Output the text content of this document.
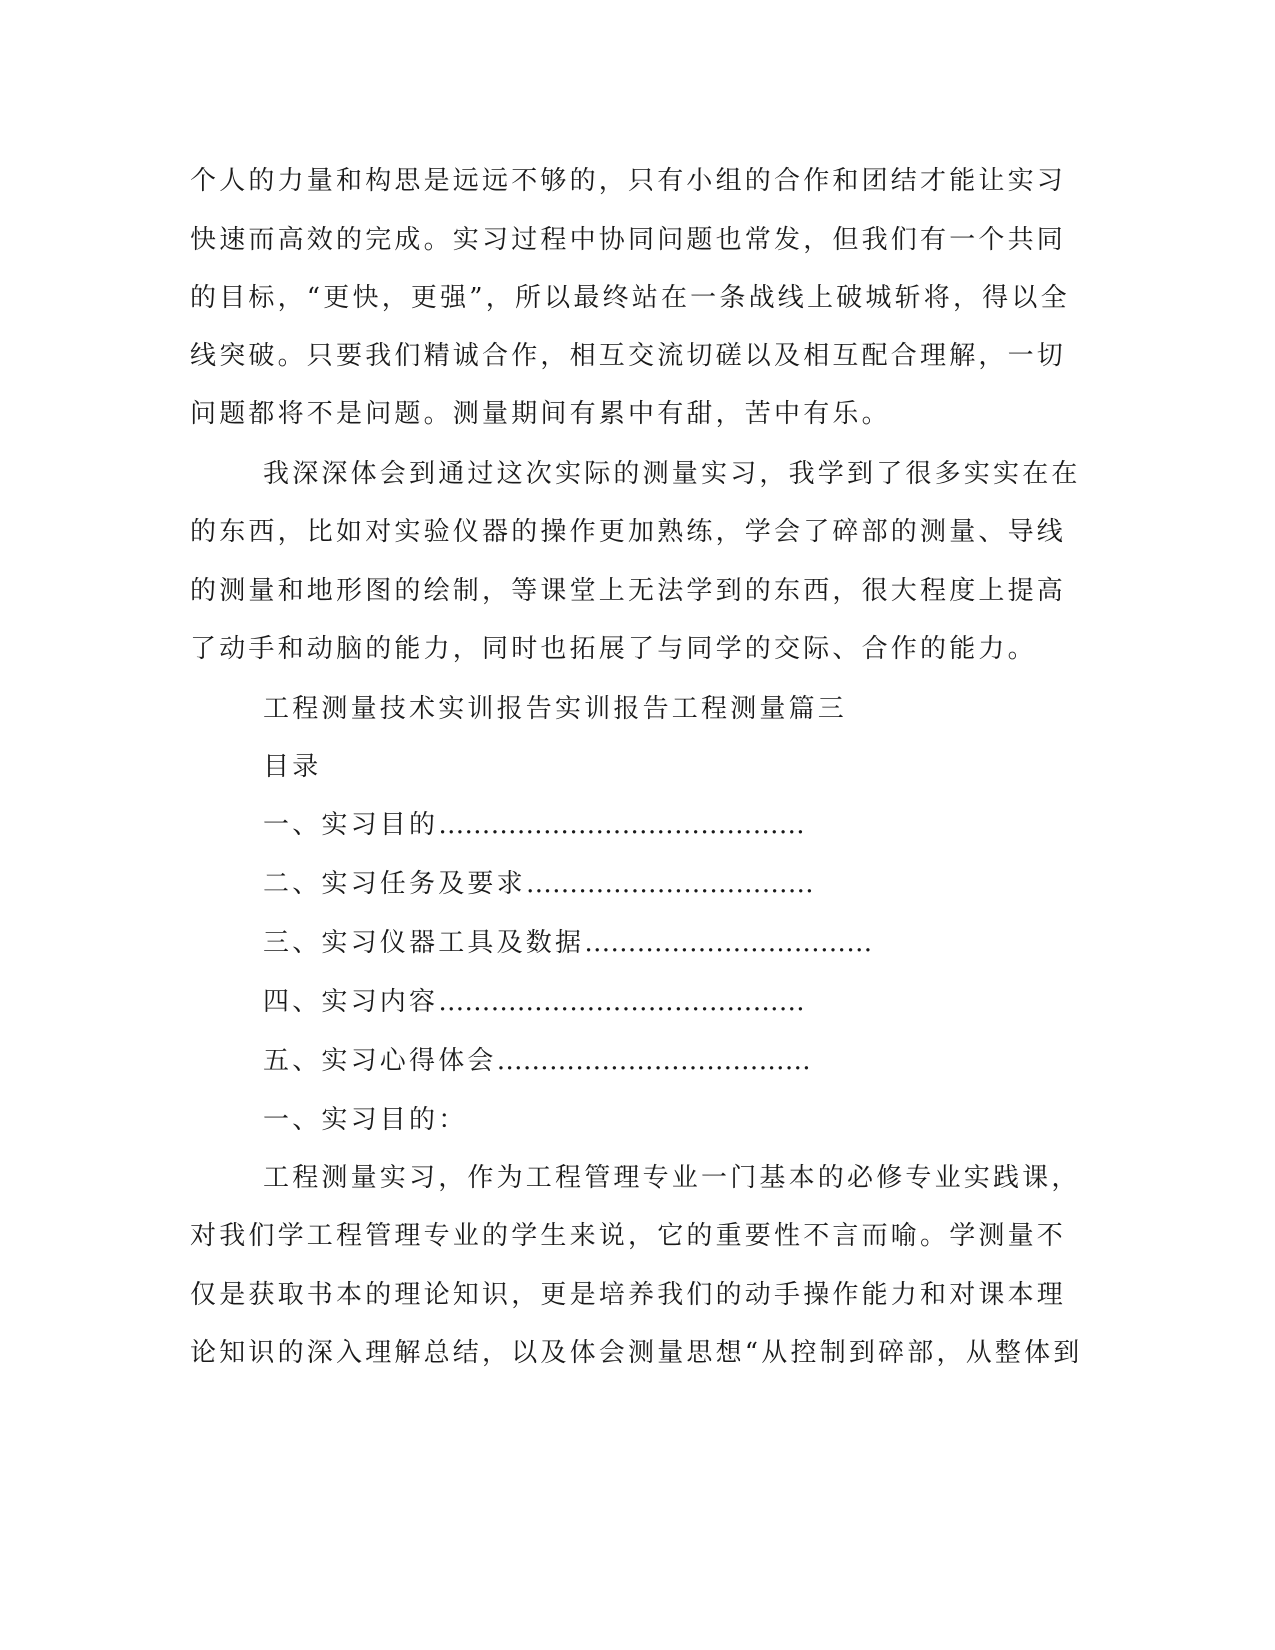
个人的力量和构思是远远不够的，只有小组的合作和团结才能让实习
快速而高效的完成。实习过程中协同问题也常发，但我们有一个共同
的目标，“更快，更强”，所以最终站在一条战线上破城斩将，得以全
线突破。只要我们精诚合作，相互交流切磋以及相互配合理解，一切
问题都将不是问题。测量期间有累中有甜，苦中有乐。
我深深体会到通过这次实际的测量实习，我学到了很多实实在在
的东西，比如对实验仪器的操作更加熟练，学会了碎部的测量、导线
的测量和地形图的绘制，等课堂上无法学到的东西，很大程度上提高
了动手和动脑的能力，同时也拓展了与同学的交际、合作的能力。
工程测量技术实训报告实训报告工程测量篇三
目录
一、实习目的……………………………………
二、实习任务及要求……………………………
三、实习仪器工具及数据……………………………
四、实习内容……………………………………
五、实习心得体会………………………………
一、实习目的：
工程测量实习，作为工程管理专业一门基本的必修专业实践课，
对我们学工程管理专业的学生来说，它的重要性不言而喻。学测量不
仅是获取书本的理论知识，更是培养我们的动手操作能力和对课本理
论知识的深入理解总结，以及体会测量思想“从控制到碎部，从整体到
